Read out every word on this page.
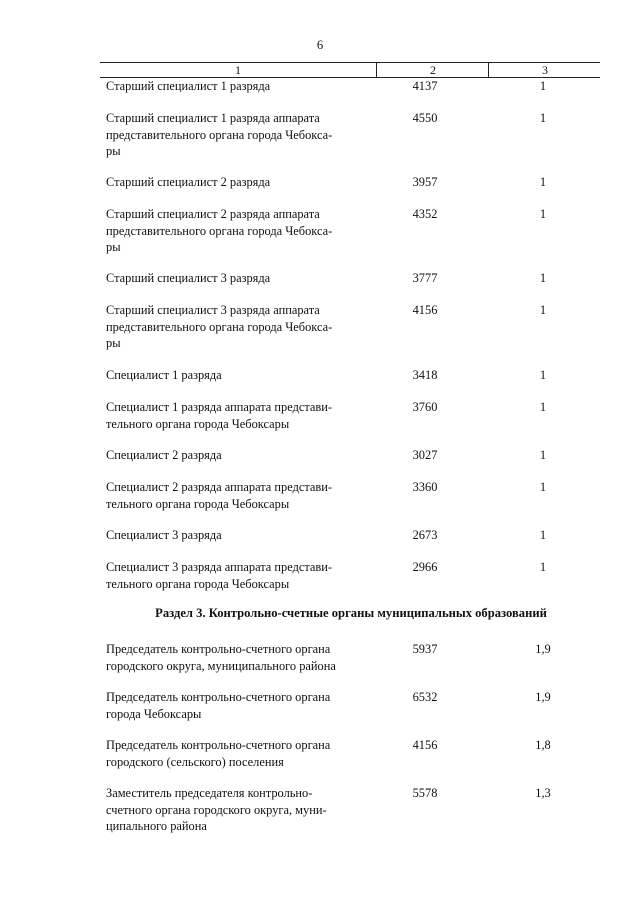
6
1	2	3
Старший специалист 1 разряда	4137	1
Старший специалист 1 разряда аппарата
представительного органа города Чебокса-
ры
4550	1
Старший специалист 2 разряда	3957	1
Старший специалист 2 разряда аппарата
представительного органа города Чебокса-
ры
4352	1
Старший специалист 3 разряда	3777	1
Старший специалист 3 разряда аппарата
представительного органа города Чебокса-
ры
4156	1
Специалист 1 разряда	3418	1
Специалист 1 разряда аппарата представи-
тельного органа города Чебоксары
3760	1
Специалист 2 разряда	3027	1
Специалист 2 разряда аппарата представи-
тельного органа города Чебоксары
3360	1
Специалист 3 разряда	2673	1
Специалист 3 разряда аппарата представи-
тельного органа города Чебоксары
2966	1
Раздел 3. Контрольно-счетные органы муниципальных образований
Председатель контрольно-счетного органа
городского округа, муниципального района
5937	1,9
Председатель контрольно-счетного органа
города Чебоксары
6532	1,9
Председатель контрольно-счетного органа
городского (сельского) поселения
4156	1,8
Заместитель председателя контрольно-
счетного органа городского округа, муни-
ципального района
5578	1,3
